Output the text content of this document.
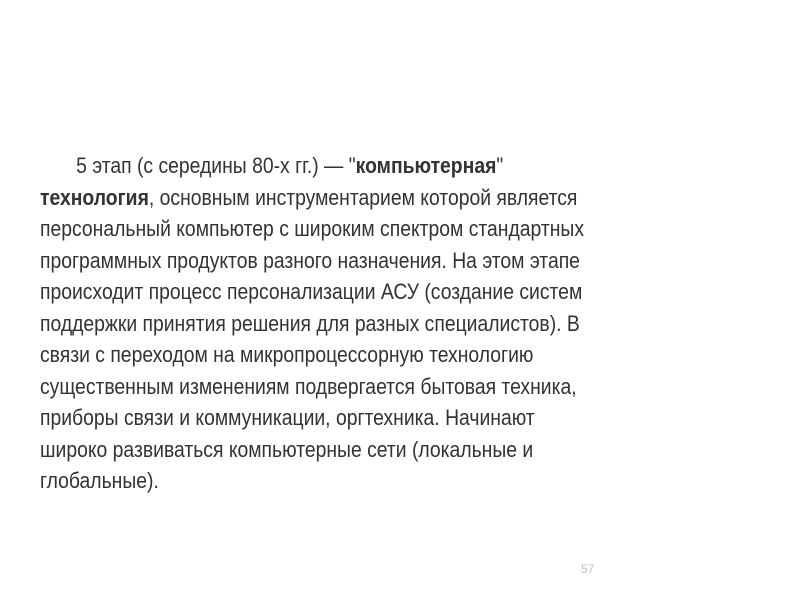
5 этап (с середины 80-х гг.) — "компьютерная"
технология, основным инструментарием которой является
персональный компьютер с широким спектром стандартных
программных продуктов разного назначения. На этом этапе
происходит процесс персонализации АСУ (создание систем
поддержки принятия решения для разных специалистов). В
связи с переходом на микропроцессорную технологию
существенным изменениям подвергается бытовая техника,
приборы связи и коммуникации, оргтехника. Начинают
широко развиваться компьютерные сети (локальные и
глобальные).
57
